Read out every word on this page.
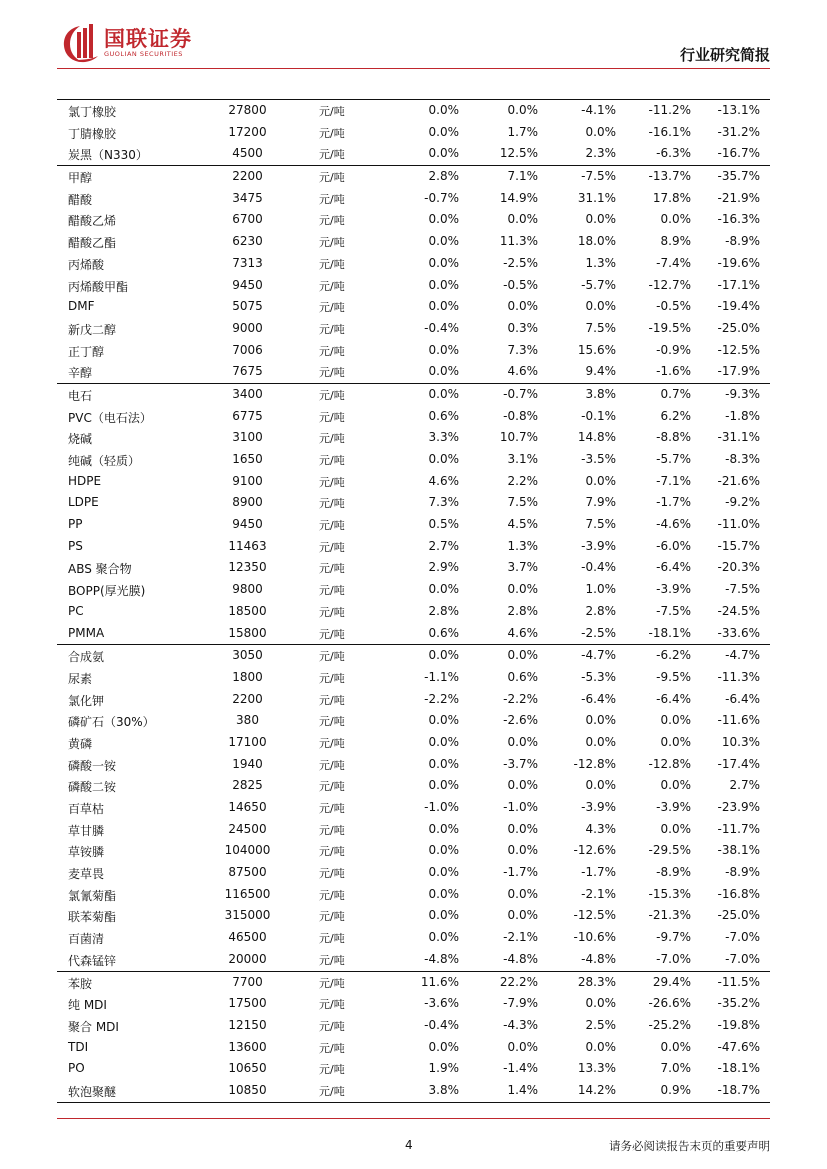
国联证券
GUOLIAN SECURITIES	行业研究简报
氯丁橡胶	27800	元/吨	0.0%	0.0%	-4.1%	-11.2% -13.1%
丁腈橡胶	17200	元/吨	0.0%	1.7%	0.0%	-16.1% -31.2%
炭黑（N330）	4500	元/吨	0.0%	12.5%	2.3%	-6.3% -16.7%
甲醇	2200	元/吨	2.8%	7.1%	-7.5%	-13.7% -35.7%
醋酸	3475	元/吨	-0.7%	14.9%	31.1%	17.8% -21.9%
醋酸乙烯	6700	元/吨	0.0%	0.0%	0.0%	0.0% -16.3%
醋酸乙酯	6230	元/吨	0.0%	11.3%	18.0%	8.9%	-8.9%
丙烯酸	7313	元/吨	0.0%	-2.5%	1.3%	-7.4% -19.6%
丙烯酸甲酯	9450	元/吨	0.0%	-0.5%	-5.7%	-12.7% -17.1%
DMF	5075	元/吨	0.0%	0.0%	0.0%	-0.5% -19.4%
新戊二醇	9000	元/吨	-0.4%	0.3%	7.5%	-19.5% -25.0%
正丁醇	7006	元/吨	0.0%	7.3%	15.6%	-0.9% -12.5%
辛醇	7675	元/吨	0.0%	4.6%	9.4%	-1.6% -17.9%
电石	3400	元/吨	0.0%	-0.7%	3.8%	0.7%	-9.3%
PVC（电石法）	6775	元/吨	0.6%	-0.8%	-0.1%	6.2%	-1.8%
烧碱	3100	元/吨	3.3%	10.7%	14.8%	-8.8% -31.1%
纯碱（轻质）	1650	元/吨	0.0%	3.1%	-3.5%	-5.7%	-8.3%
HDPE	9100	元/吨	4.6%	2.2%	0.0%	-7.1% -21.6%
LDPE	8900	元/吨	7.3%	7.5%	7.9%	-1.7%	-9.2%
PP	9450	元/吨	0.5%	4.5%	7.5%	-4.6% -11.0%
PS	11463	元/吨	2.7%	1.3%	-3.9%	-6.0% -15.7%
ABS 聚合物	12350	元/吨	2.9%	3.7%	-0.4%	-6.4% -20.3%
BOPP(厚光膜)	9800	元/吨	0.0%	0.0%	1.0%	-3.9%	-7.5%
PC	18500	元/吨	2.8%	2.8%	2.8%	-7.5% -24.5%
PMMA	15800	元/吨	0.6%	4.6%	-2.5%	-18.1% -33.6%
合成氨	3050	元/吨	0.0%	0.0%	-4.7%	-6.2%	-4.7%
尿素	1800	元/吨	-1.1%	0.6%	-5.3%	-9.5% -11.3%
氯化钾	2200	元/吨	-2.2%	-2.2%	-6.4%	-6.4%	-6.4%
磷矿石（30%）	380	元/吨	0.0%	-2.6%	0.0%	0.0% -11.6%
黄磷	17100	元/吨	0.0%	0.0%	0.0%	0.0%	10.3%
磷酸一铵	1940	元/吨	0.0%	-3.7%	-12.8%	-12.8% -17.4%
磷酸二铵	2825	元/吨	0.0%	0.0%	0.0%	0.0%	2.7%
百草枯	14650	元/吨	-1.0%	-1.0%	-3.9%	-3.9% -23.9%
草甘膦	24500	元/吨	0.0%	0.0%	4.3%	0.0% -11.7%
草铵膦	104000	元/吨	0.0%	0.0%	-12.6%	-29.5% -38.1%
麦草畏	87500	元/吨	0.0%	-1.7%	-1.7%	-8.9%	-8.9%
氯氰菊酯	116500	元/吨	0.0%	0.0%	-2.1%	-15.3% -16.8%
联苯菊酯	315000	元/吨	0.0%	0.0%	-12.5%	-21.3% -25.0%
百菌清	46500	元/吨	0.0%	-2.1%	-10.6%	-9.7%	-7.0%
代森锰锌	20000	元/吨	-4.8%	-4.8%	-4.8%	-7.0%	-7.0%
苯胺	7700	元/吨	11.6%	22.2%	28.3%	29.4% -11.5%
纯 MDI	17500	元/吨	-3.6%	-7.9%	0.0%	-26.6% -35.2%
聚合 MDI	12150	元/吨	-0.4%	-4.3%	2.5%	-25.2% -19.8%
TDI	13600	元/吨	0.0%	0.0%	0.0%	0.0% -47.6%
PO	10650	元/吨	1.9%	-1.4%	13.3%	7.0% -18.1%
软泡聚醚	10850	元/吨	3.8%	1.4%	14.2%	0.9% -18.7%
4	请务必阅读报告末页的重要声明
